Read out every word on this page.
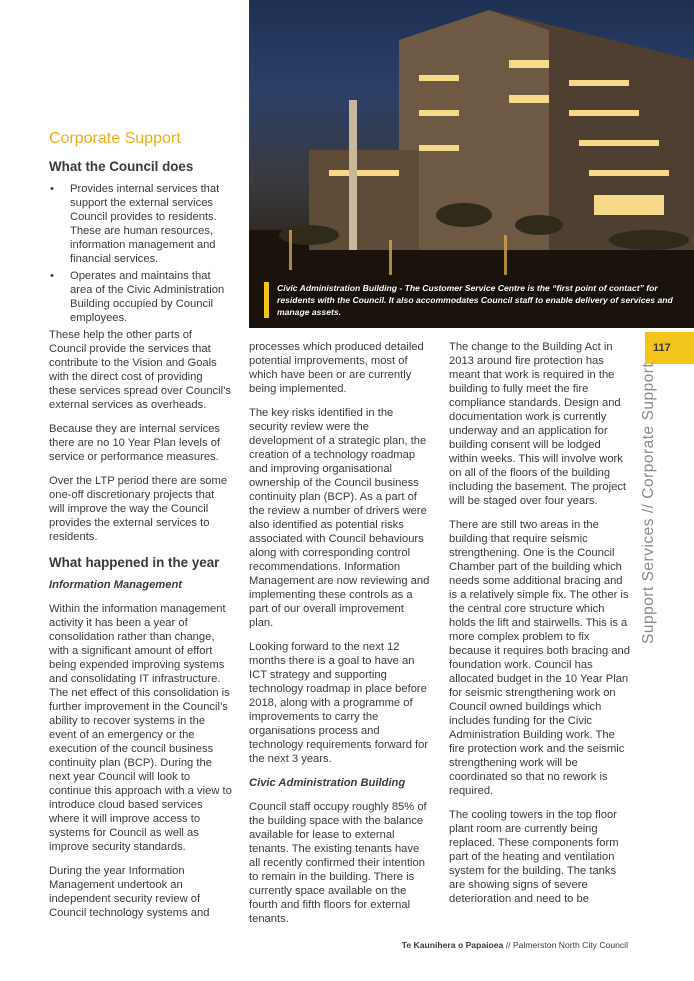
Civic Administration Building - The Customer Service Centre is the “first point of contact” for residents with the Council. It also accommodates Council staff to enable delivery of services and manage assets.
Corporate Support
What the Council does
• Provides internal services that support the external services Council provides to residents. These are human resources, information management and financial services.
• Operates and maintains that area of the Civic Administration Building occupied by Council employees.

These help the other parts of Council provide the services that contribute to the Vision and Goals with the direct cost of providing these services spread over Council’s external services as overheads.

Because they are internal services there are no 10 Year Plan levels of service or performance measures.

Over the LTP period there are some one-off discretionary projects that will improve the way the Council provides the external services to residents.

What happened in the year
Information Management

Within the information management activity it has been a year of consolidation rather than change, with a significant amount of effort being expended improving systems and consolidating IT infrastructure. The net effect of this consolidation is further improvement in the Council’s ability to recover systems in the event of an emergency or the execution of the council business continuity plan (BCP). During the next year Council will look to continue this approach with a view to introduce cloud based services where it will improve access to systems for Council as well as improve security standards.

During the year Information Management undertook an independent security review of Council technology systems and

processes which produced detailed potential improvements, most of which have been or are currently being implemented.

The key risks identified in the security review were the development of a strategic plan, the creation of a technology roadmap and improving organisational ownership of the Council business continuity plan (BCP). As a part of the review a number of drivers were also identified as potential risks associated with Council behaviours along with corresponding control recommendations. Information Management are now reviewing and implementing these controls as a part of our overall improvement plan.

Looking forward to the next 12 months there is a goal to have an ICT strategy and supporting technology roadmap in place before 2018, along with a programme of improvements to carry the organisations process and technology requirements forward for the next 3 years.

Civic Administration Building

Council staff occupy roughly 85% of the building space with the balance available for lease to external tenants. The existing tenants have all recently confirmed their intention to remain in the building. There is currently space available on the fourth and fifth floors for external tenants.

The change to the Building Act in 2013 around fire protection has meant that work is required in the building to fully meet the fire compliance standards. Design and documentation work is currently underway and an application for building consent will be lodged within weeks. This will involve work on all of the floors of the building including the basement. The project will be staged over four years.

There are still two areas in the building that require seismic strengthening. One is the Council Chamber part of the building which needs some additional bracing and is a relatively simple fix. The other is the central core structure which holds the lift and stairwells. This is a more complex problem to fix because it requires both bracing and foundation work. Council has allocated budget in the 10 Year Plan for seismic strengthening work on Council owned buildings which includes funding for the Civic Administration Building work. The fire protection work and the seismic strengthening work will be coordinated so that no rework is required.

The cooling towers in the top floor plant room are currently being replaced. These components form part of the heating and ventilation system for the building. The tanks are showing signs of severe deterioration and need to be

117
Support Services // Corporate Support
Te Kaunihera o Papaioea // Palmerston North City Council
